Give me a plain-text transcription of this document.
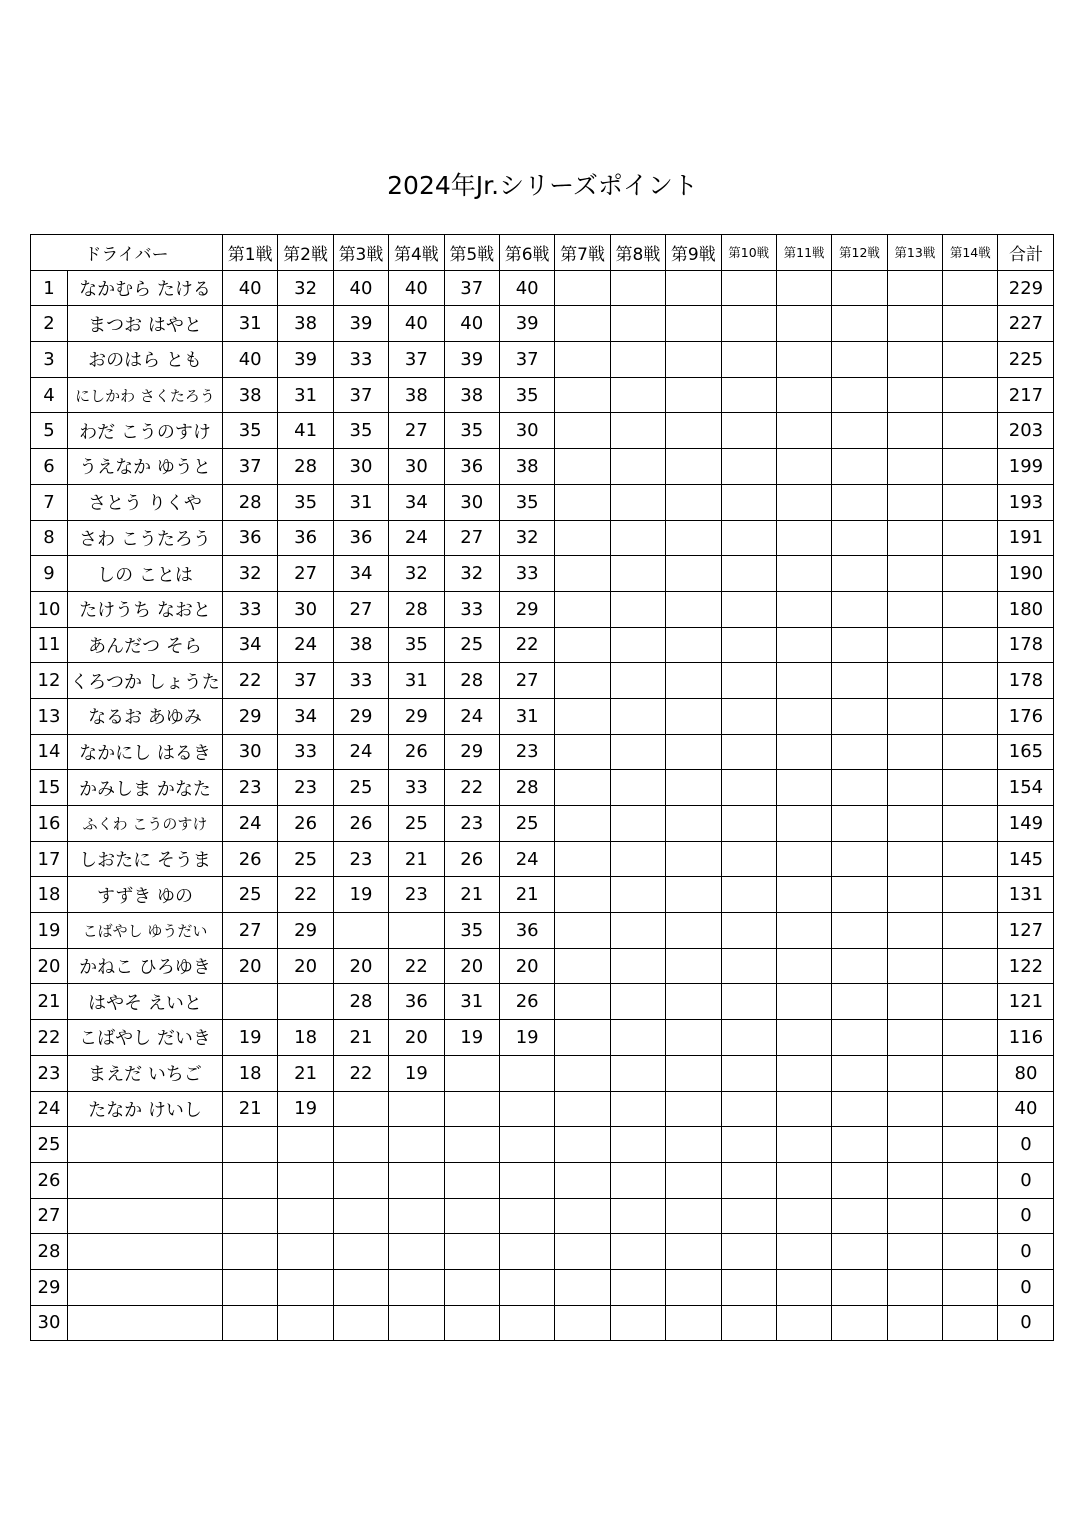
2024年Jr.シリーズポイント
ドライバー		第1戦	第2戦	第3戦	第4戦	第5戦	第6戦	第7戦	第8戦	第9戦	第10戦	第11戦	第12戦	第13戦	第14戦	合計
1	なかむら たける	40	32	40	40	37	40									229
2	まつお はやと	31	38	39	40	40	39									227
3	おのはら とも	40	39	33	37	39	37									225
4	にしかわ さくたろう	38	31	37	38	38	35									217
5	わだ こうのすけ	35	41	35	27	35	30									203
6	うえなか ゆうと	37	28	30	30	36	38									199
7	さとう りくや	28	35	31	34	30	35									193
8	さわ こうたろう	36	36	36	24	27	32									191
9	しの ことは	32	27	34	32	32	33									190
10	たけうち なおと	33	30	27	28	33	29									180
11	あんだつ そら	34	24	38	35	25	22									178
12	くろつか しょうた	22	37	33	31	28	27									178
13	なるお あゆみ	29	34	29	29	24	31									176
14	なかにし はるき	30	33	24	26	29	23									165
15	かみしま かなた	23	23	25	33	22	28									154
16	ふくわ こうのすけ	24	26	26	25	23	25									149
17	しおたに そうま	26	25	23	21	26	24									145
18	すずき ゆの	25	22	19	23	21	21									131
19	こばやし ゆうだい	27	29			35	36									127
20	かねこ ひろゆき	20	20	20	22	20	20									122
21	はやそ えいと			28	36	31	26									121
22	こばやし だいき	19	18	21	20	19	19									116
23	まえだ いちご	18	21	22	19											80
24	たなか けいし	21	19													40
25																0
26																0
27																0
28																0
29																0
30																0
